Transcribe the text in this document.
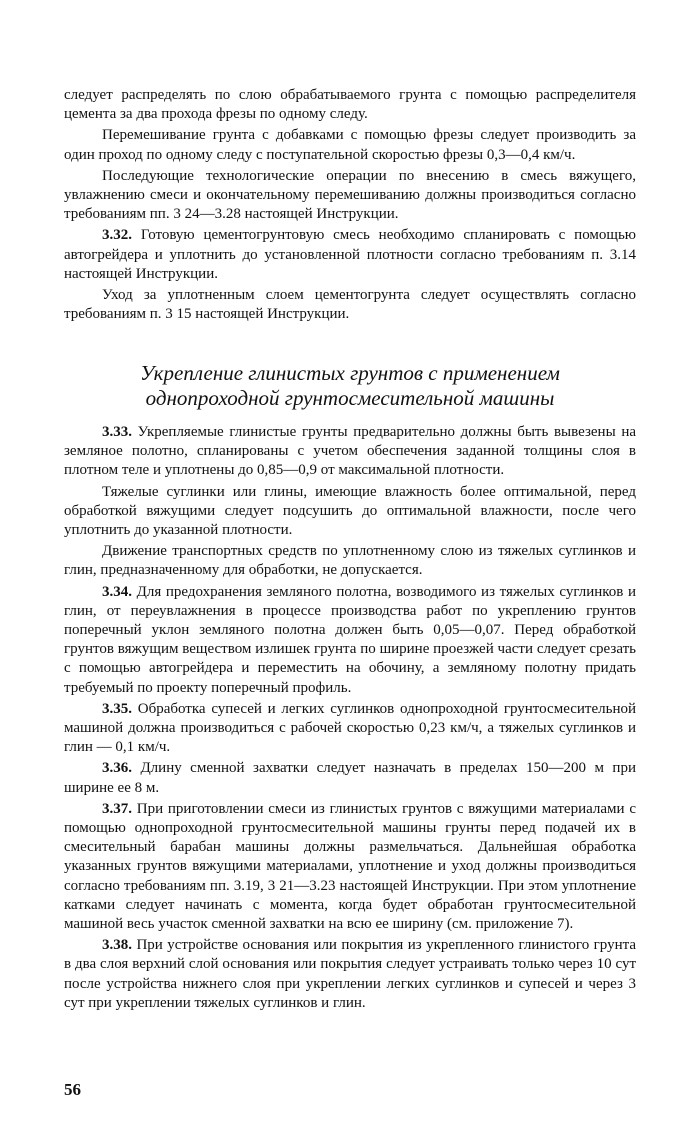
следует распределять по слою обрабатываемого грунта с помощью распределителя цемента за два прохода фрезы по одному следу.

Перемешивание грунта с добавками с помощью фрезы следует производить за один проход по одному следу с поступательной скоростью фрезы 0,3—0,4 км/ч.

Последующие технологические операции по внесению в смесь вяжущего, увлажнению смеси и окончательному перемешиванию должны производиться согласно требованиям пп. 3 24—3.28 настоящей Инструкции.

3.32. Готовую цементогрунтовую смесь необходимо спланировать с помощью автогрейдера и уплотнить до установленной плотности согласно требованиям п. 3.14 настоящей Инструкции.

Уход за уплотненным слоем цементогрунта следует осуществлять согласно требованиям п. 3 15 настоящей Инструкции.

Укрепление глинистых грунтов с применением
однопроходной грунтосмесительной машины

3.33. Укрепляемые глинистые грунты предварительно должны быть вывезены на земляное полотно, спланированы с учетом обеспечения заданной толщины слоя в плотном теле и уплотнены до 0,85—0,9 от максимальной плотности.

Тяжелые суглинки или глины, имеющие влажность более оптимальной, перед обработкой вяжущими следует подсушить до оптимальной влажности, после чего уплотнить до указанной плотности.

Движение транспортных средств по уплотненному слою из тяжелых суглинков и глин, предназначенному для обработки, не допускается.

3.34. Для предохранения земляного полотна, возводимого из тяжелых суглинков и глин, от переувлажнения в процессе производства работ по укреплению грунтов поперечный уклон земляного полотна должен быть 0,05—0,07. Перед обработкой грунтов вяжущим веществом излишек грунта по ширине проезжей части следует срезать с помощью автогрейдера и переместить на обочину, а земляному полотну придать требуемый по проекту поперечный профиль.

3.35. Обработка супесей и легких суглинков однопроходной грунтосмесительной машиной должна производиться с рабочей скоростью 0,23 км/ч, а тяжелых суглинков и глин — 0,1 км/ч.

3.36. Длину сменной захватки следует назначать в пределах 150—200 м при ширине ее 8 м.

3.37. При приготовлении смеси из глинистых грунтов с вяжущими материалами с помощью однопроходной грунтосмесительной машины грунты перед подачей их в смесительный барабан машины должны размельчаться. Дальнейшая обработка указанных грунтов вяжущими материалами, уплотнение и уход должны производиться согласно требованиям пп. 3.19, 3 21—3.23 настоящей Инструкции. При этом уплотнение катками следует начинать с момента, когда будет обработан грунтосмесительной машиной весь участок сменной захватки на всю ее ширину (см. приложение 7).

3.38. При устройстве основания или покрытия из укрепленного глинистого грунта в два слоя верхний слой основания или покрытия следует устраивать только через 10 сут после устройства нижнего слоя при укреплении легких суглинков и супесей и через 3 сут при укреплении тяжелых суглинков и глин.

56
